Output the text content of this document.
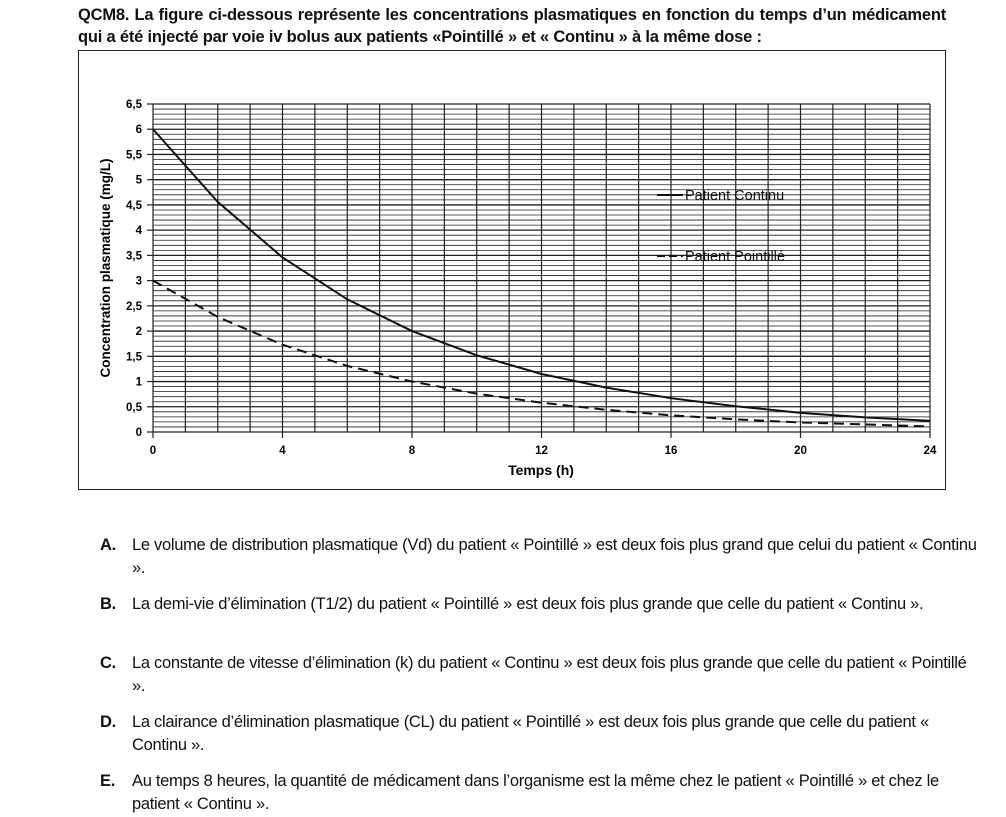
QCM8. La figure ci-dessous représente les concentrations plasmatiques en fonction du temps d’un médicament qui a été injecté par voie iv bolus aux patients «Pointillé » et « Continu » à la même dose :
0
0,5
1
1,5
2
2,5
3
3,5
4
4,5
5
5,5
6
6,5
0	4	8	12	16	20	24
Temps (h)
Concentration plasmatique (mg/L)	Patient Continu
Patient Pointillé
A. Le volume de distribution plasmatique (Vd) du patient « Pointillé » est deux fois plus grand que celui du patient « Continu ».
B. La demi-vie d’élimination (T1/2) du patient « Pointillé » est deux fois plus grande que celle du patient « Continu ».
C. La constante de vitesse d’élimination (k) du patient « Continu » est deux fois plus grande que celle du patient « Pointillé ».
D. La clairance d’élimination plasmatique (CL) du patient « Pointillé » est deux fois plus grande que celle du patient « Continu ».
E. Au temps 8 heures, la quantité de médicament dans l’organisme est la même chez le patient « Pointillé » et chez le patient « Continu ».
